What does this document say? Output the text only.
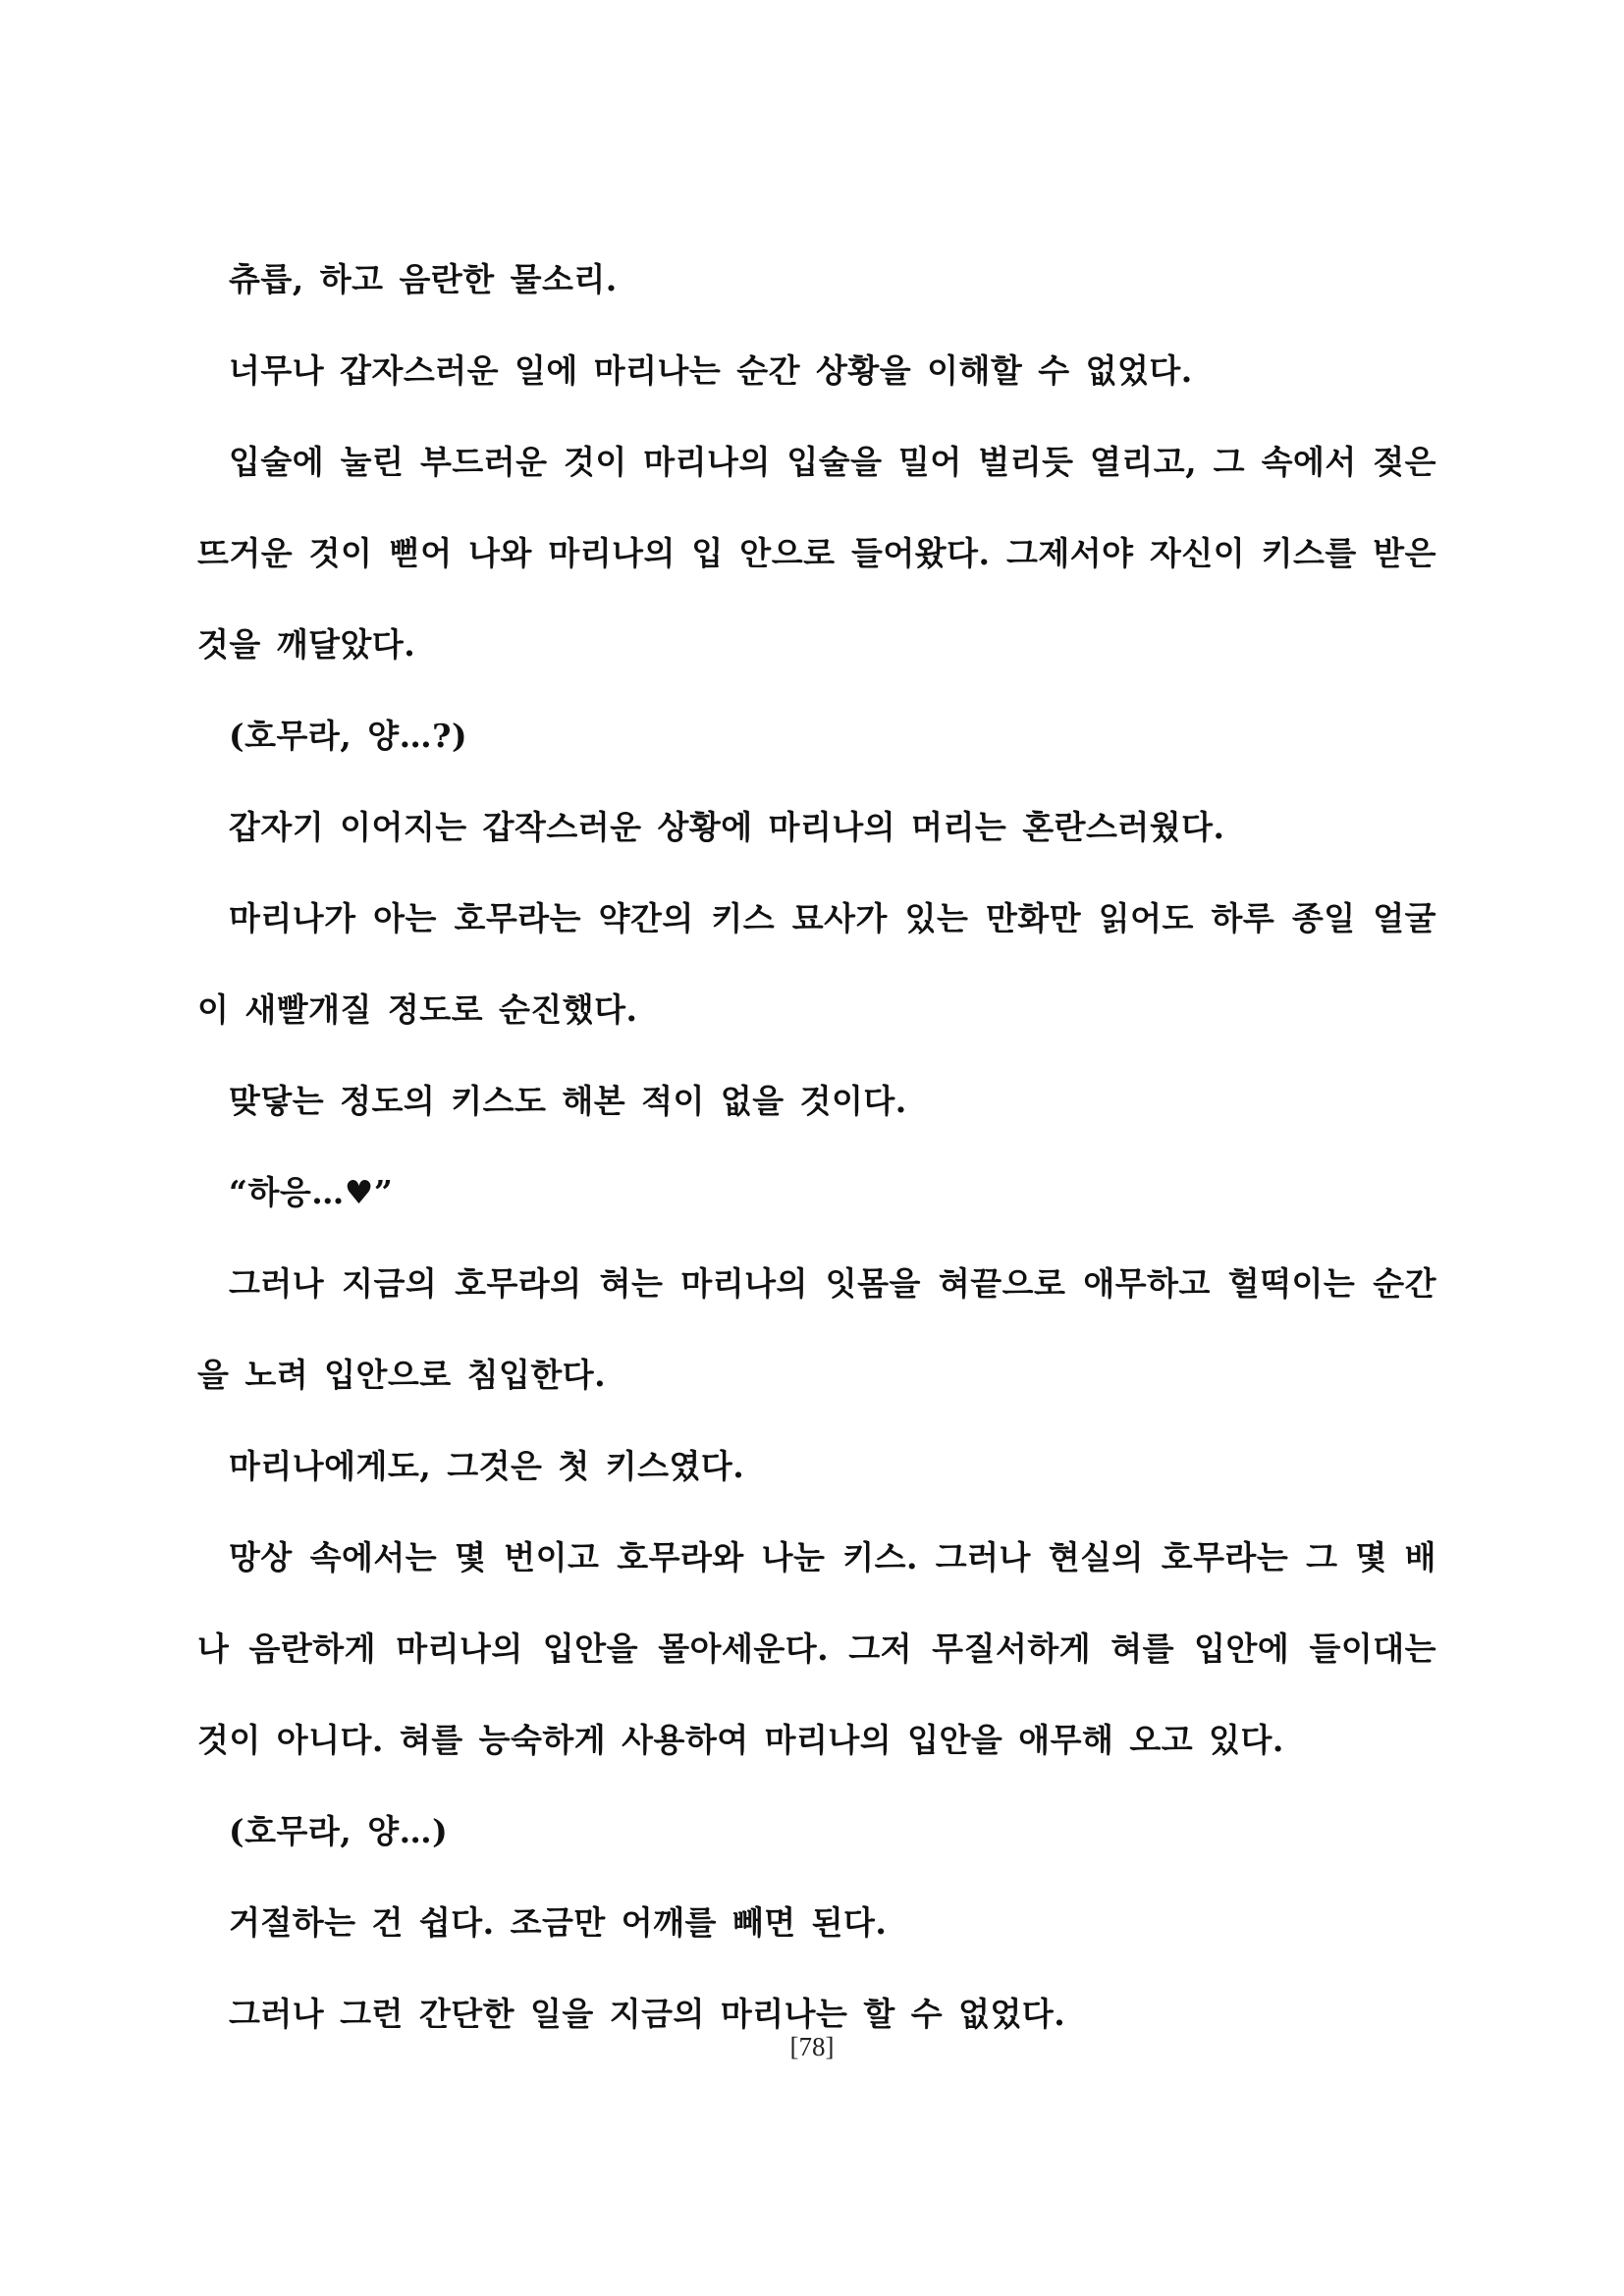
츄릅, 하고 음란한 물소리.

너무나 갑자스러운 일에 마리나는 순간 상황을 이해할 수 없었다.

입술에 눌린 부드러운 것이 마리나의 입술을 밀어 벌리듯 열리고, 그 속에서 젖은 뜨거운 것이 뻗어 나와 마리나의 입 안으로 들어왔다. 그제서야 자신이 키스를 받은 것을 깨달았다.

(호무라, 양…?)

갑자기 이어지는 갑작스러운 상황에 마리나의 머리는 혼란스러웠다.

마리나가 아는 호무라는 약간의 키스 묘사가 있는 만화만 읽어도 하루 종일 얼굴이 새빨개질 정도로 순진했다.

맞닿는 정도의 키스도 해본 적이 없을 것이다.

“하응…♥”

그러나 지금의 호무라의 혀는 마리나의 잇몸을 혀끝으로 애무하고 헐떡이는 순간을 노려 입안으로 침입한다.

마리나에게도, 그것은 첫 키스였다.

망상 속에서는 몇 번이고 호무라와 나눈 키스. 그러나 현실의 호무라는 그 몇 배나 음란하게 마리나의 입안을 몰아세운다. 그저 무질서하게 혀를 입안에 들이대는 것이 아니다. 혀를 능숙하게 사용하여 마리나의 입안을 애무해 오고 있다.

(호무라, 양…)

거절하는 건 쉽다. 조금만 어깨를 빼면 된다.

그러나 그런 간단한 일을 지금의 마리나는 할 수 없었다.

[78]
